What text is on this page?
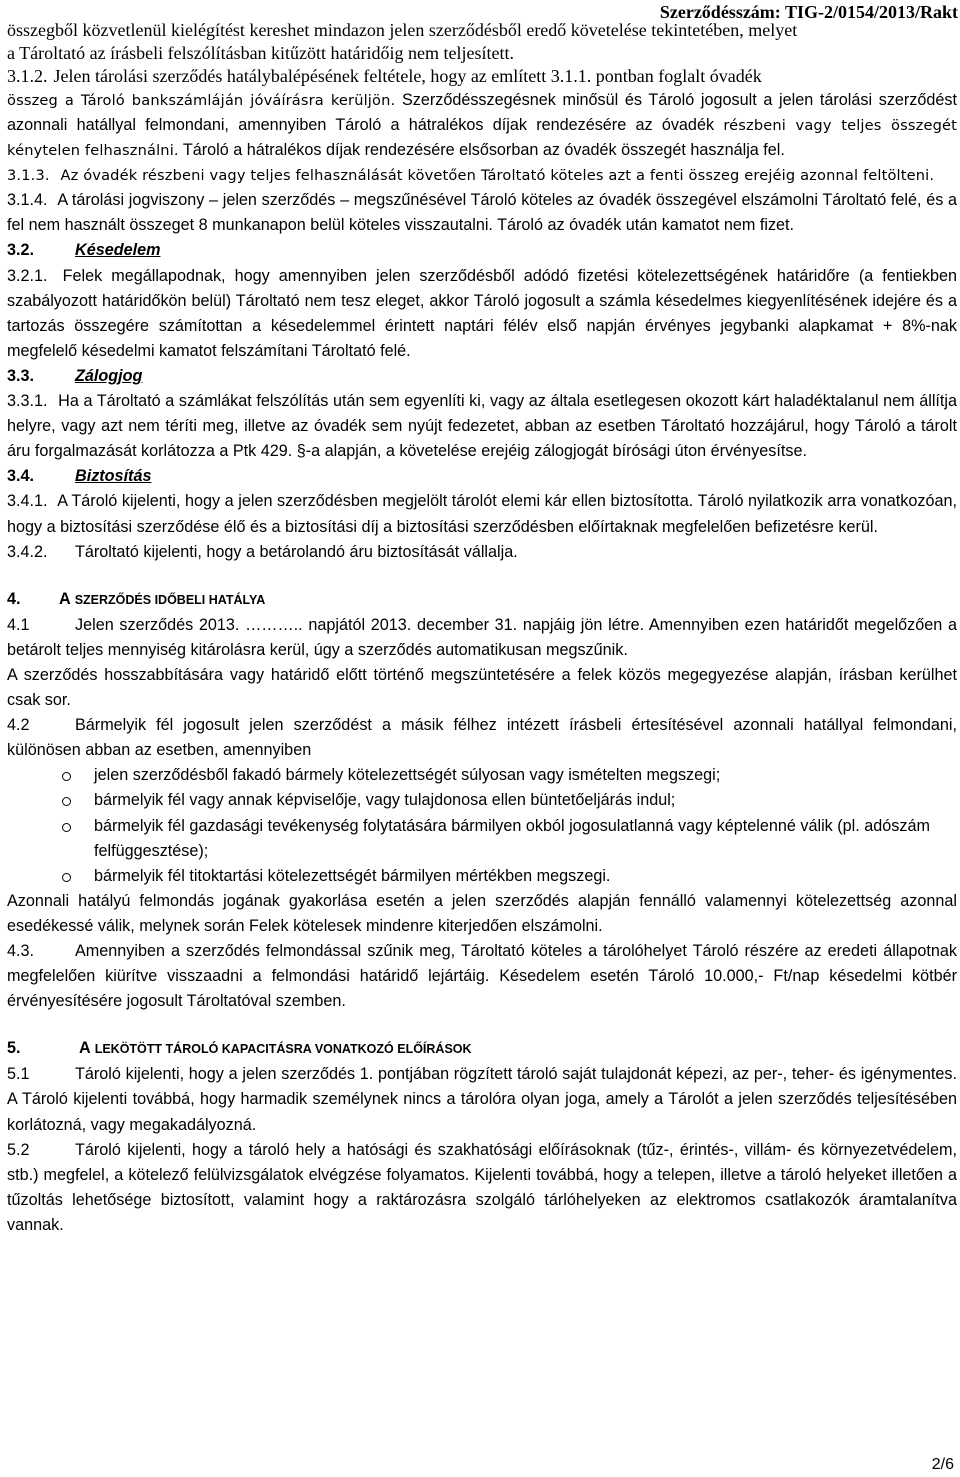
Szerződésszám: TIG-2/0154/2013/Rakt

összegből közvetlenül kielégítést kereshet mindazon jelen szerződésből eredő követelése tekintetében, melyet

a Tároltató az írásbeli felszólításban kitűzött határidőig nem teljesített.

3.1.2. Jelen tárolási szerződés hatálybalépésének feltétele, hogy az említett 3.1.1. pontban foglalt óvadék

összeg a Tároló bankszámláján jóváírásra kerüljön. Szerződésszegésnek minősül és Tároló jogosult a jelen tárolási szerződést azonnali hatállyal felmondani, amennyiben Tároló a hátralékos díjak rendezésére az óvadék részbeni vagy teljes összegét kénytelen felhasználni. Tároló a hátralékos díjak rendezésére elsősorban az óvadék összegét használja fel.

3.1.3. Az óvadék részbeni vagy teljes felhasználását követően Tároltató köteles azt a fenti összeg erejéig azonnal feltölteni.

3.1.4. A tárolási jogviszony – jelen szerződés – megszűnésével Tároló köteles az óvadék összegével elszámolni Tároltató felé, és a fel nem használt összeget 8 munkanapon belül köteles visszautalni. Tároló az óvadék után kamatot nem fizet.

3.2.	Késedelem

3.2.1. Felek megállapodnak, hogy amennyiben jelen szerződésből adódó fizetési kötelezettségének határidőre (a fentiekben szabályozott határidőkön belül) Tároltató nem tesz eleget, akkor Tároló jogosult a számla késedelmes kiegyenlítésének idejére és a tartozás összegére számítottan a késedelemmel érintett naptári félév első napján érvényes jegybanki alapkamat + 8%-nak megfelelő késedelmi kamatot felszámítani Tároltató felé.

3.3.	Zálogjog

3.3.1. Ha a Tároltató a számlákat felszólítás után sem egyenlíti ki, vagy az általa esetlegesen okozott kárt haladéktalanul nem állítja helyre, vagy azt nem téríti meg, illetve az óvadék sem nyújt fedezetet, abban az esetben Tároltató hozzájárul, hogy Tároló a tárolt áru forgalmazását korlátozza a Ptk 429. §-a alapján, a követelése erejéig zálogjogát bírósági úton érvényesítse.

3.4.	Biztosítás

3.4.1. A Tároló kijelenti, hogy a jelen szerződésben megjelölt tárolót elemi kár ellen biztosította. Tároló nyilatkozik arra vonatkozóan, hogy a biztosítási szerződése élő és a biztosítási díj a biztosítási szerződésben előírtaknak megfelelően befizetésre kerül.

3.4.2. Tároltató kijelenti, hogy a betárolandó áru biztosítását vállalja.

4. A SZERZŐDÉS IDŐBELI HATÁLYA

4.1	Jelen szerződés 2013. ……….. napjától 2013. december 31. napjáig jön létre. Amennyiben ezen határidőt megelőzően a betárolt teljes mennyiség kitárolásra kerül, úgy a szerződés automatikusan megszűnik.

A szerződés hosszabbítására vagy határidő előtt történő megszüntetésére a felek közös megegyezése alapján, írásban kerülhet csak sor.

4.2	Bármelyik fél jogosult jelen szerződést a másik félhez intézett írásbeli értesítésével azonnali hatállyal felmondani, különösen abban az esetben, amennyiben

jelen szerződésből fakadó bármely kötelezettségét súlyosan vagy ismételten megszegi;
bármelyik fél vagy annak képviselője, vagy tulajdonosa ellen büntetőeljárás indul;
bármelyik fél gazdasági tevékenység folytatására bármilyen okból jogosulatlanná vagy képtelenné válik (pl. adószám felfüggesztése);
bármelyik fél titoktartási kötelezettségét bármilyen mértékben megszegi.

Azonnali hatályú felmondás jogának gyakorlása esetén a jelen szerződés alapján fennálló valamennyi kötelezettség azonnal esedékessé válik, melynek során Felek kötelesek mindenre kiterjedően elszámolni.

4.3.	Amennyiben a szerződés felmondással szűnik meg, Tároltató köteles a tárolóhelyet Tároló részére az eredeti állapotnak megfelelően kiürítve visszaadni a felmondási határidő lejártáig. Késedelem esetén Tároló 10.000,- Ft/nap késedelmi kötbér érvényesítésére jogosult Tároltatóval szemben.

5.	A LEKÖTÖTT TÁROLÓ KAPACITÁSRA VONATKOZÓ ELŐÍRÁSOK

5.1	Tároló kijelenti, hogy a jelen szerződés 1. pontjában rögzített tároló saját tulajdonát képezi, az per-, teher- és igénymentes. A Tároló kijelenti továbbá, hogy harmadik személynek nincs a tárolóra olyan joga, amely a Tárolót a jelen szerződés teljesítésében korlátozná, vagy megakadályozná.

5.2	Tároló kijelenti, hogy a tároló hely a hatósági és szakhatósági előírásoknak (tűz-, érintés-, villám- és környezetvédelem, stb.) megfelel, a kötelező felülvizsgálatok elvégzése folyamatos. Kijelenti továbbá, hogy a telepen, illetve a tároló helyeket illetően a tűzoltás lehetősége biztosított, valamint hogy a raktározásra szolgáló tárlóhelyeken az elektromos csatlakozók áramtalanítva vannak.

2/6
